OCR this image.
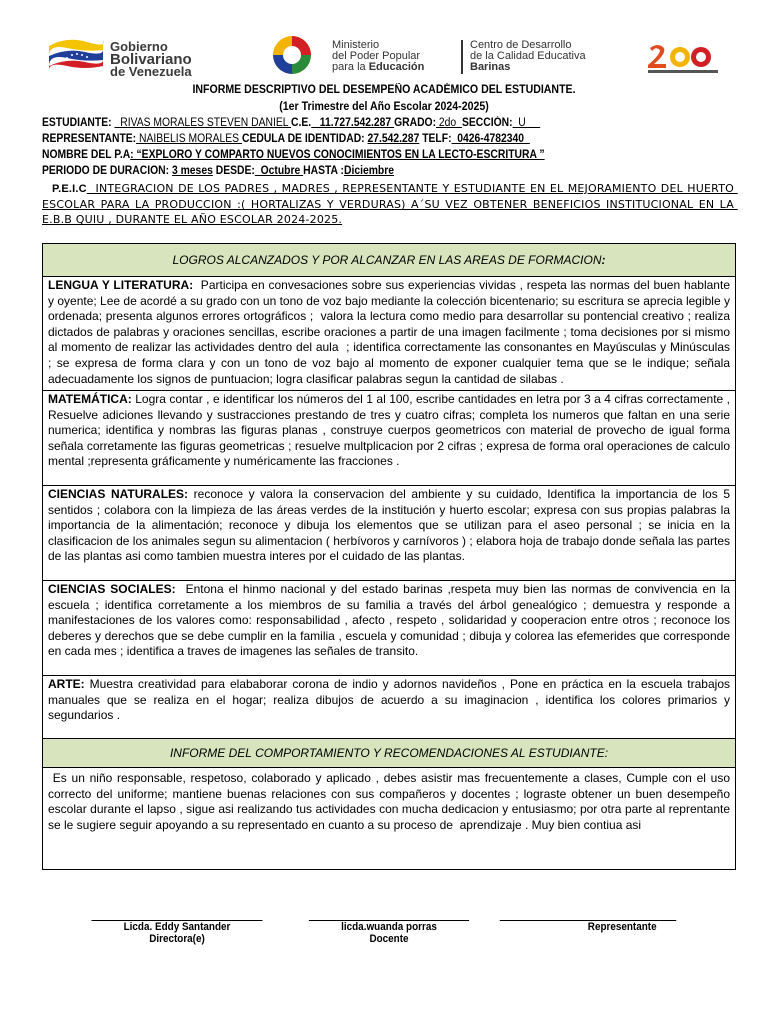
Gobierno
Bolivariano
de Venezuela
Ministerio
del Poder Popular
para la Educación
Centro de Desarrollo
de la Calidad Educativa
Barinas
INFORME DESCRIPTIVO DEL DESEMPEÑO ACADÉMICO DEL ESTUDIANTE.
(1er Trimestre del Año Escolar 2024-2025)
ESTUDIANTE:   RIVAS MORALES STEVEN DANIEL C.E.   11.727.542.287 GRADO: 2do  SECCIÓN:  U
REPRESENTANTE: NAIBELIS MORALES CEDULA DE IDENTIDAD: 27.542.287 TELF:  0426-4782340
NOMBRE DEL P.A: “EXPLORO Y COMPARTO NUEVOS CONOCIMIENTOS EN LA LECTO-ESCRITURA ”
PERIODO DE DURACION: 3 meses DESDE:  Octubre HASTA :Diciembre
P.E.I.C  INTEGRACION DE LOS PADRES , MADRES , REPRESENTANTE Y ESTUDIANTE EN EL MEJORAMIENTO DEL HUERTO ESCOLAR PARA LA PRODUCCION :( HORTALIZAS Y VERDURAS) A´SU VEZ OBTENER BENEFICIOS INSTITUCIONAL EN LA E.B.B QUIU , DURANTE EL AÑO ESCOLAR 2024-2025.
LOGROS ALCANZADOS Y POR ALCANZAR EN LAS AREAS DE FORMACION:
LENGUA Y LITERATURA:  Participa en convesaciones sobre sus experiencias vividas , respeta las normas del buen hablante y oyente; Lee de acordé a su grado con un tono de voz bajo mediante la colección bicentenario; su escritura se aprecia legible y ordenada; presenta algunos errores ortográficos ;  valora la lectura como medio para desarrollar su pontencial creativo ; realiza dictados de palabras y oraciones sencillas, escribe oraciones a partir de una imagen facilmente ; toma decisiones por si mismo al momento de realizar las actividades dentro del aula  ; identifica correctamente las consonantes en Mayúsculas y Minúsculas  ; se expresa de forma clara y con un tono de voz bajo al momento de exponer cualquier tema que se le indique; señala adecuadamente los signos de puntuacion; logra clasificar palabras segun la cantidad de silabas .
MATEMÁTICA: Logra contar , e identificar los números del 1 al 100, escribe cantidades en letra por 3 a 4 cifras correctamente , Resuelve adiciones llevando y sustracciones prestando de tres y cuatro cifras; completa los numeros que faltan en una serie numerica; identifica y nombras las figuras planas , construye cuerpos geometricos con material de provecho de igual forma señala corretamente las figuras geometricas ; resuelve multplicacion por 2 cifras ; expresa de forma oral operaciones de calculo mental ;representa gráficamente y numéricamente las fracciones .
CIENCIAS NATURALES: reconoce y valora la conservacion del ambiente y su cuidado, Identifica la importancia de los 5 sentidos ; colabora con la limpieza de las áreas verdes de la institución y huerto escolar; expresa con sus propias palabras la importancia de la alimentación; reconoce y dibuja los elementos que se utilizan para el aseo personal ; se inicia en la clasificacion de los animales segun su alimentacion ( herbívoros y carnívoros ) ; elabora hoja de trabajo donde señala las partes de las plantas asi como tambien muestra interes por el cuidado de las plantas.
CIENCIAS SOCIALES:  Entona el hinmo nacional y del estado barinas ,respeta muy bien las normas de convivencia en la escuela ; identifica corretamente a los miembros de su familia a través del árbol genealógico ; demuestra y responde a manifestaciones de los valores como: responsabilidad , afecto , respeto , solidaridad y cooperacion entre otros ; reconoce los deberes y derechos que se debe cumplir en la familia , escuela y comunidad ; dibuja y colorea las efemerides que corresponde en cada mes ; identifica a traves de imagenes las señales de transito.
ARTE: Muestra creatividad para elababorar corona de indio y adornos navideños , Pone en práctica en la escuela trabajos manuales que se realiza en el hogar; realiza dibujos de acuerdo a su imaginacion , identifica los colores primarios y segundarios .
INFORME DEL COMPORTAMIENTO Y RECOMENDACIONES AL ESTUDIANTE:
Es un niño responsable, respetoso, colaborado y aplicado , debes asistir mas frecuentemente a clases, Cumple con el uso correcto del uniforme; mantiene buenas relaciones con sus compañeros y docentes ; lograste obtener un buen desempeño escolar durante el lapso , sigue asi realizando tus actividades con mucha dedicacion y entusiasmo; por otra parte al reprentante se le sugiere seguir apoyando a su representado en cuanto a su proceso de  aprendizaje . Muy bien contiua asi
Licda. Eddy Santander
Directora(e)
licda.wuanda porras
Docente
Representante
